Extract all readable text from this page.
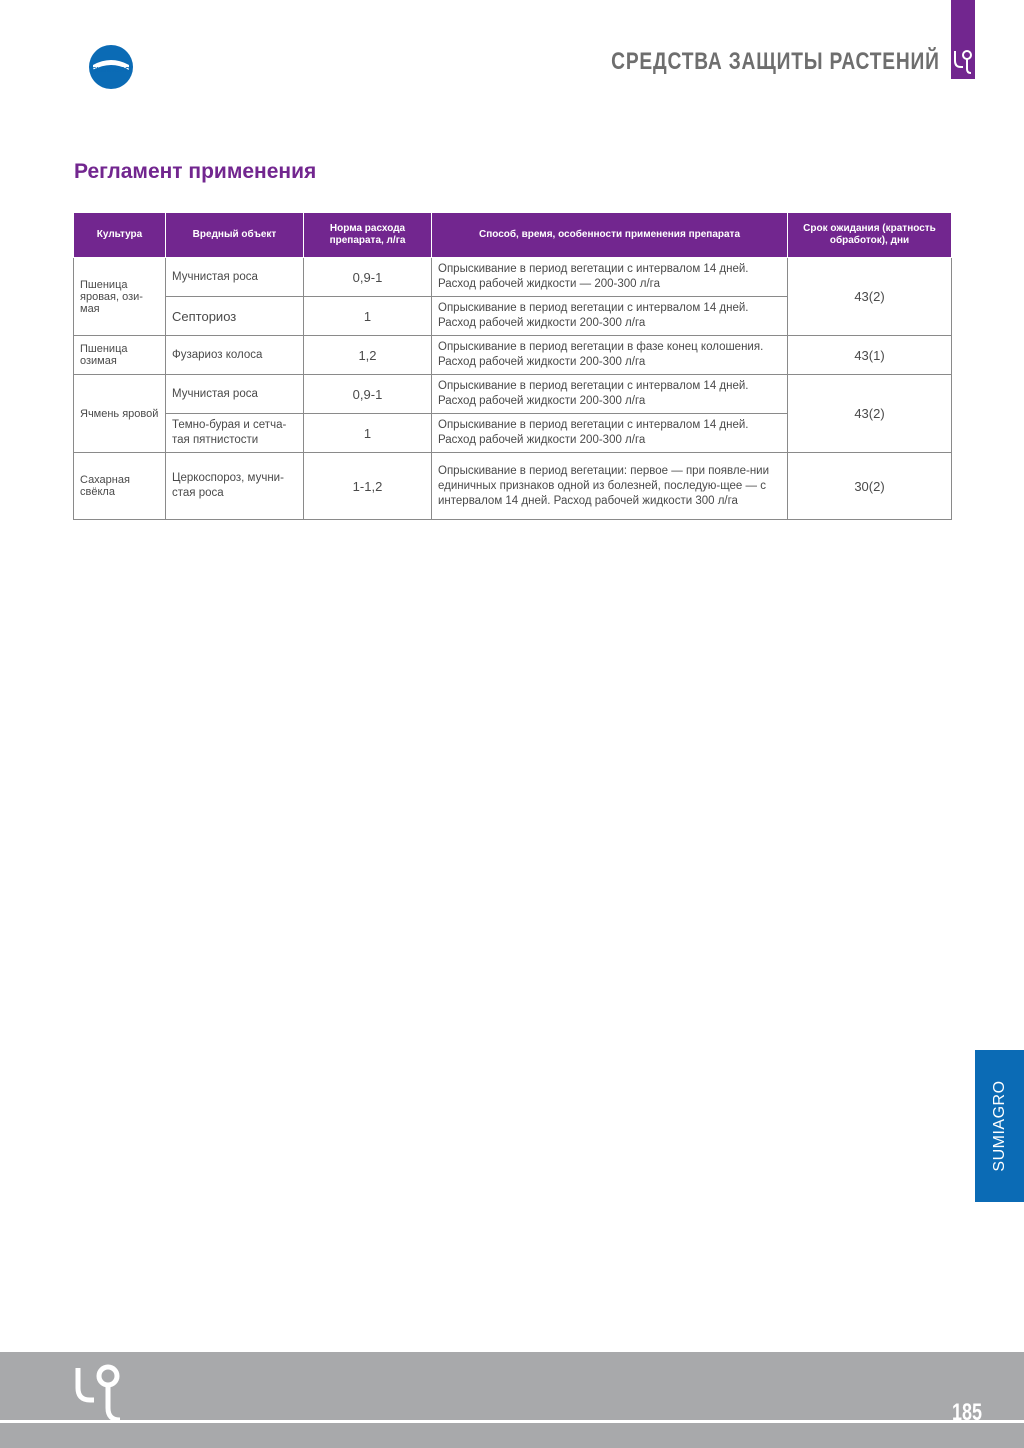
SUMIAGRO	СРЕДСТВА ЗАЩИТЫ РАСТЕНИЙ
Регламент применения
Культура	Вредный объект	Норма расхода препарата, л/га	Способ, время, особенности применения препарата	Срок ожидания (кратность обработок), дни
Пшеница яровая, ози-мая	Мучнистая роса	0,9-1	Опрыскивание в период вегетации с интервалом 14 дней. Расход рабочей жидкости — 200-300 л/га	43(2)
	Септориоз	1	Опрыскивание в период вегетации с интервалом 14 дней. Расход рабочей жидкости 200-300 л/га	
Пшеница озимая	Фузариоз колоса	1,2	Опрыскивание в период вегетации в фазе конец колошения. Расход рабочей жидкости 200-300 л/га	43(1)
Ячмень яровой	Мучнистая роса	0,9-1	Опрыскивание в период вегетации с интервалом 14 дней. Расход рабочей жидкости 200-300 л/га	43(2)
	Темно-бурая и сетча-тая пятнистости	1	Опрыскивание в период вегетации с интервалом 14 дней. Расход рабочей жидкости 200-300 л/га	
Сахарная свёкла	Церкоспороз, мучни-стая роса	1-1,2	Опрыскивание в период вегетации: первое — при появле-нии единичных признаков одной из болезней, последую-щее — с интервалом 14 дней. Расход рабочей жидкости 300 л/га	30(2)
SUMIAGRO
185
